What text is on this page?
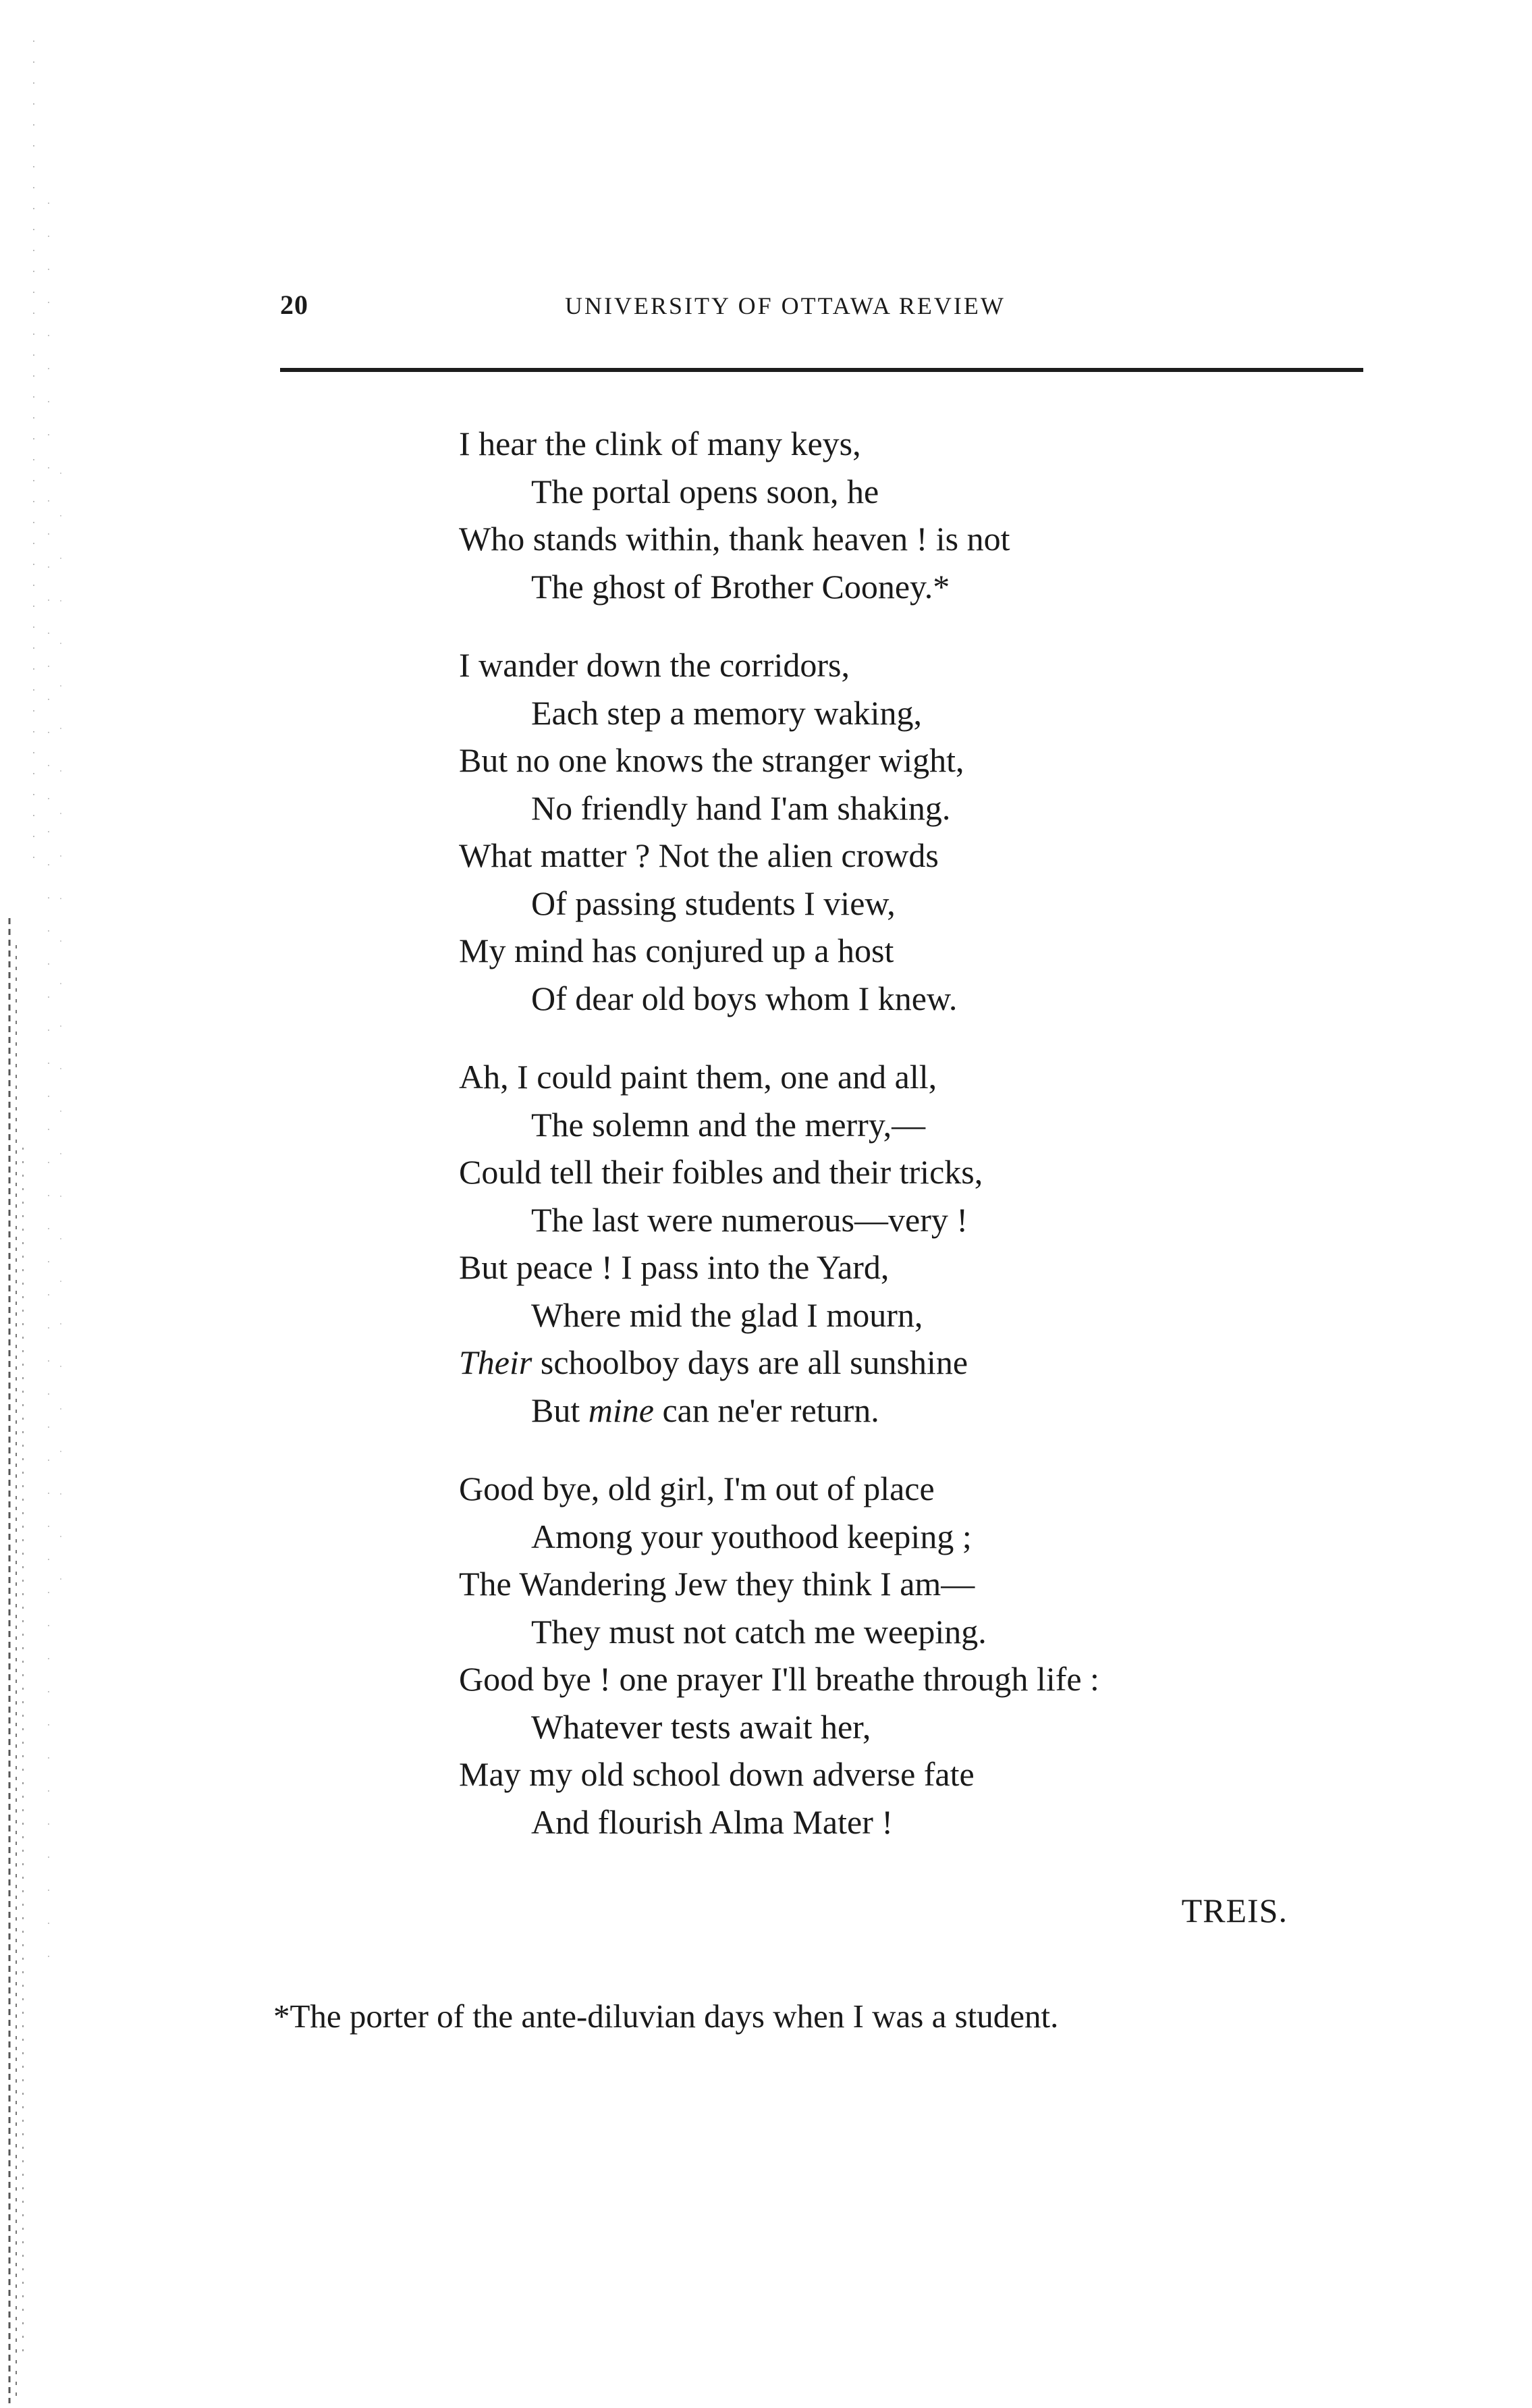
20	UNIVERSITY OF OTTAWA REVIEW
I hear the clink of many keys,
The portal opens soon, he
Who stands within, thank heaven ! is not
The ghost of Brother Cooney.*
I wander down the corridors,
Each step a memory waking,
But no one knows the stranger wight,
No friendly hand I'am shaking.
What matter ? Not the alien crowds
Of passing students I view,
My mind has conjured up a host
Of dear old boys whom I knew.
Ah, I could paint them, one and all,
The solemn and the merry,—
Could tell their foibles and their tricks,
The last were numerous—very !
But peace ! I pass into the Yard,
Where mid the glad I mourn,
Their schoolboy days are all sunshine
But mine can ne'er return.
Good bye, old girl, I'm out of place
Among your youthood keeping ;
The Wandering Jew they think I am—
They must not catch me weeping.
Good bye ! one prayer I'll breathe through life :
Whatever tests await her,
May my old school down adverse fate
And flourish Alma Mater !
TREIS.
*The porter of the ante-diluvian days when I was a student.
